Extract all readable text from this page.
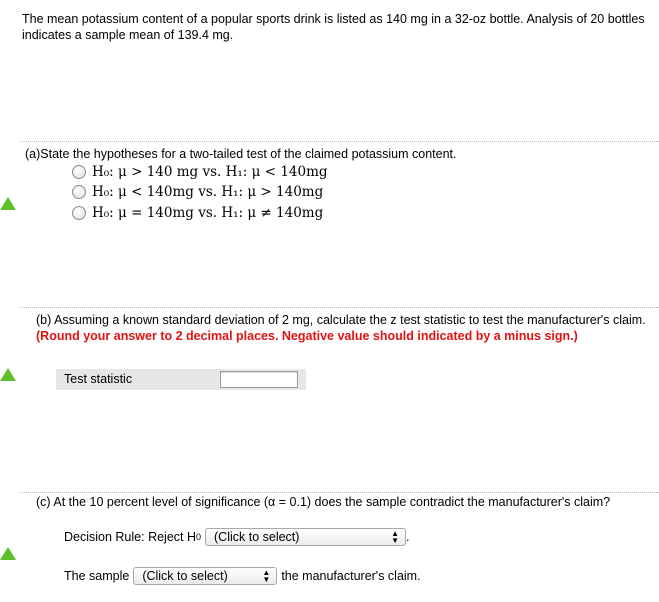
The mean potassium content of a popular sports drink is listed as 140 mg in a 32-oz bottle. Analysis of 20 bottles indicates a sample mean of 139.4 mg.
(a)State the hypotheses for a two-tailed test of the claimed potassium content.
H₀: μ > 140 mg vs. H₁: μ < 140mg
H₀: μ < 140mg vs. H₁: μ > 140mg
H₀: μ = 140mg vs. H₁: μ ≠ 140mg
(b) Assuming a known standard deviation of 2 mg, calculate the z test statistic to test the manufacturer's claim. (Round your answer to 2 decimal places. Negative value should indicated by a minus sign.)
Test statistic
(c) At the 10 percent level of significance (α = 0.1) does the sample contradict the manufacturer's claim?
Decision Rule: Reject H 0 (Click to select)	▲
▼ .
The sample (Click to select)	▲
▼ the manufacturer's claim.
